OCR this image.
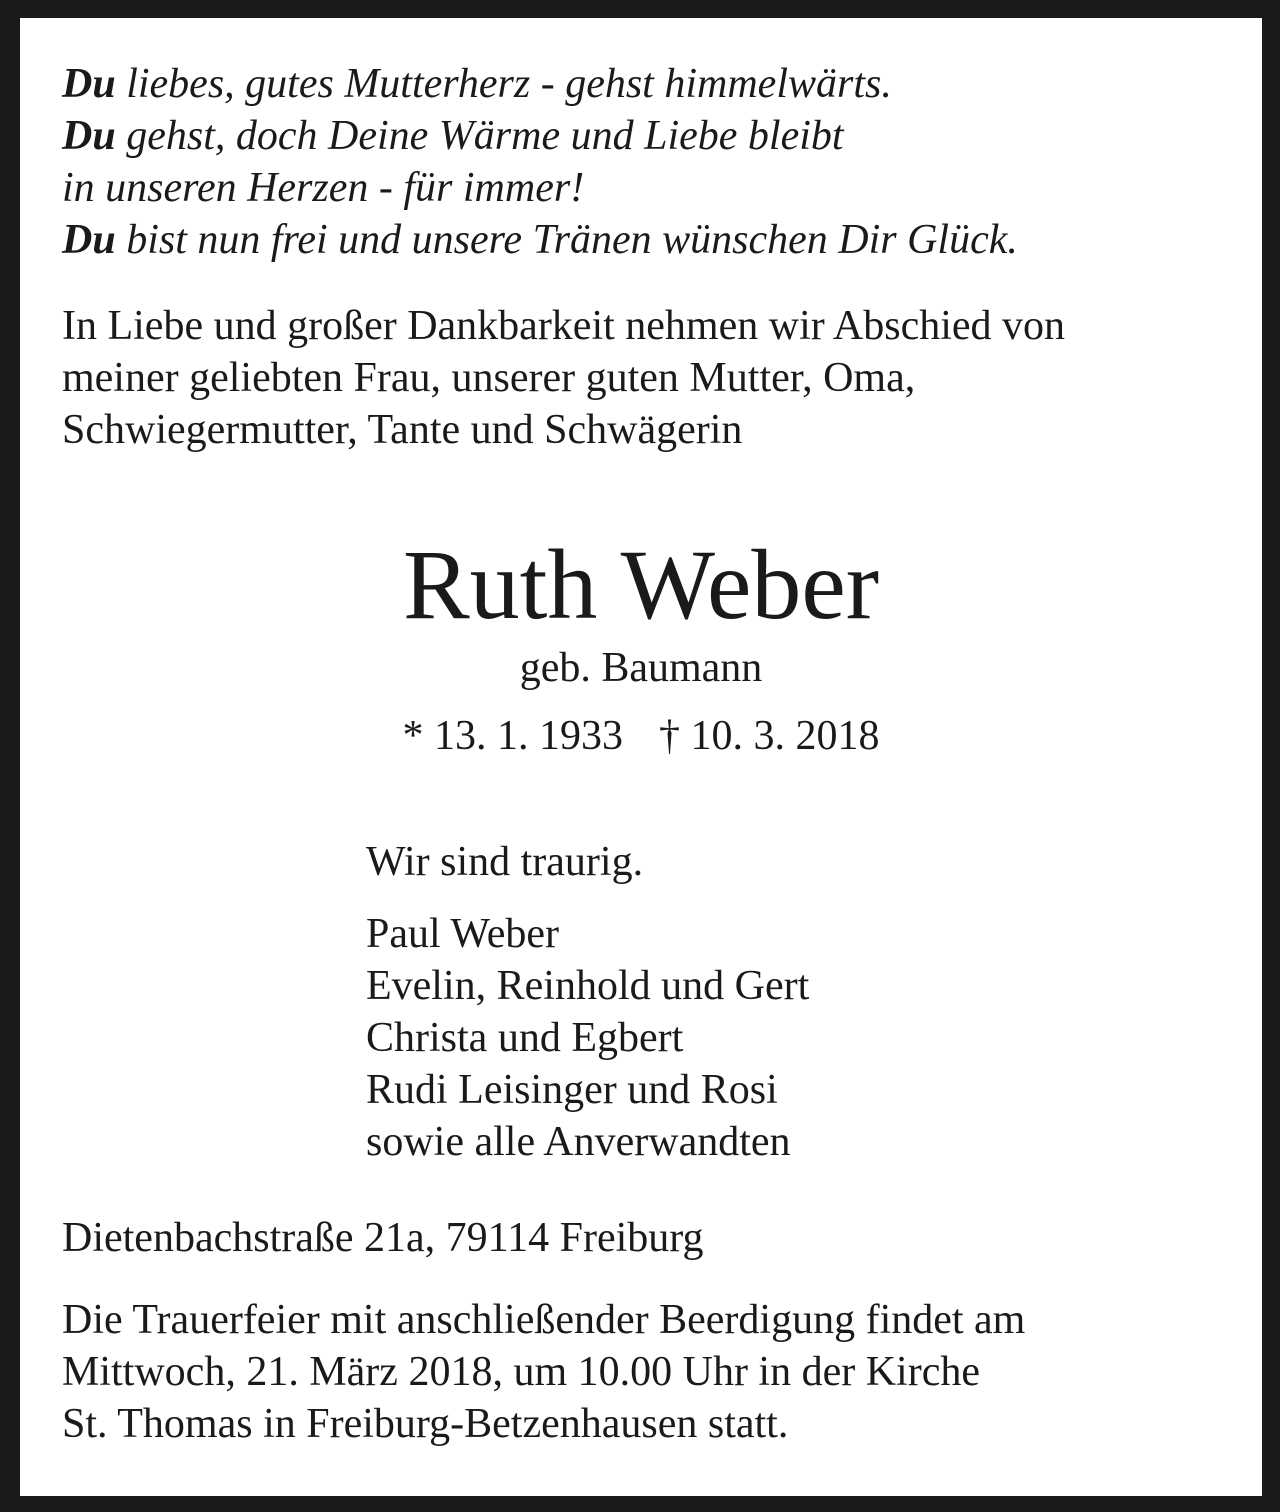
Du liebes, gutes Mutterherz - gehst himmelwärts.

Du gehst, doch Deine Wärme und Liebe bleibt

in unseren Herzen - für immer!

Du bist nun frei und unsere Tränen wünschen Dir Glück.

In Liebe und großer Dankbarkeit nehmen wir Abschied von

meiner geliebten Frau, unserer guten Mutter, Oma,

Schwiegermutter, Tante und Schwägerin

Ruth Weber

geb. Baumann

* 13. 1. 1933 † 10. 3. 2018

Wir sind traurig.

Paul Weber

Evelin, Reinhold und Gert

Christa und Egbert

Rudi Leisinger und Rosi

sowie alle Anverwandten

Dietenbachstraße 21a, 79114 Freiburg

Die Trauerfeier mit anschließender Beerdigung findet am

Mittwoch, 21. März 2018, um 10.00 Uhr in der Kirche

St. Thomas in Freiburg-Betzenhausen statt.
